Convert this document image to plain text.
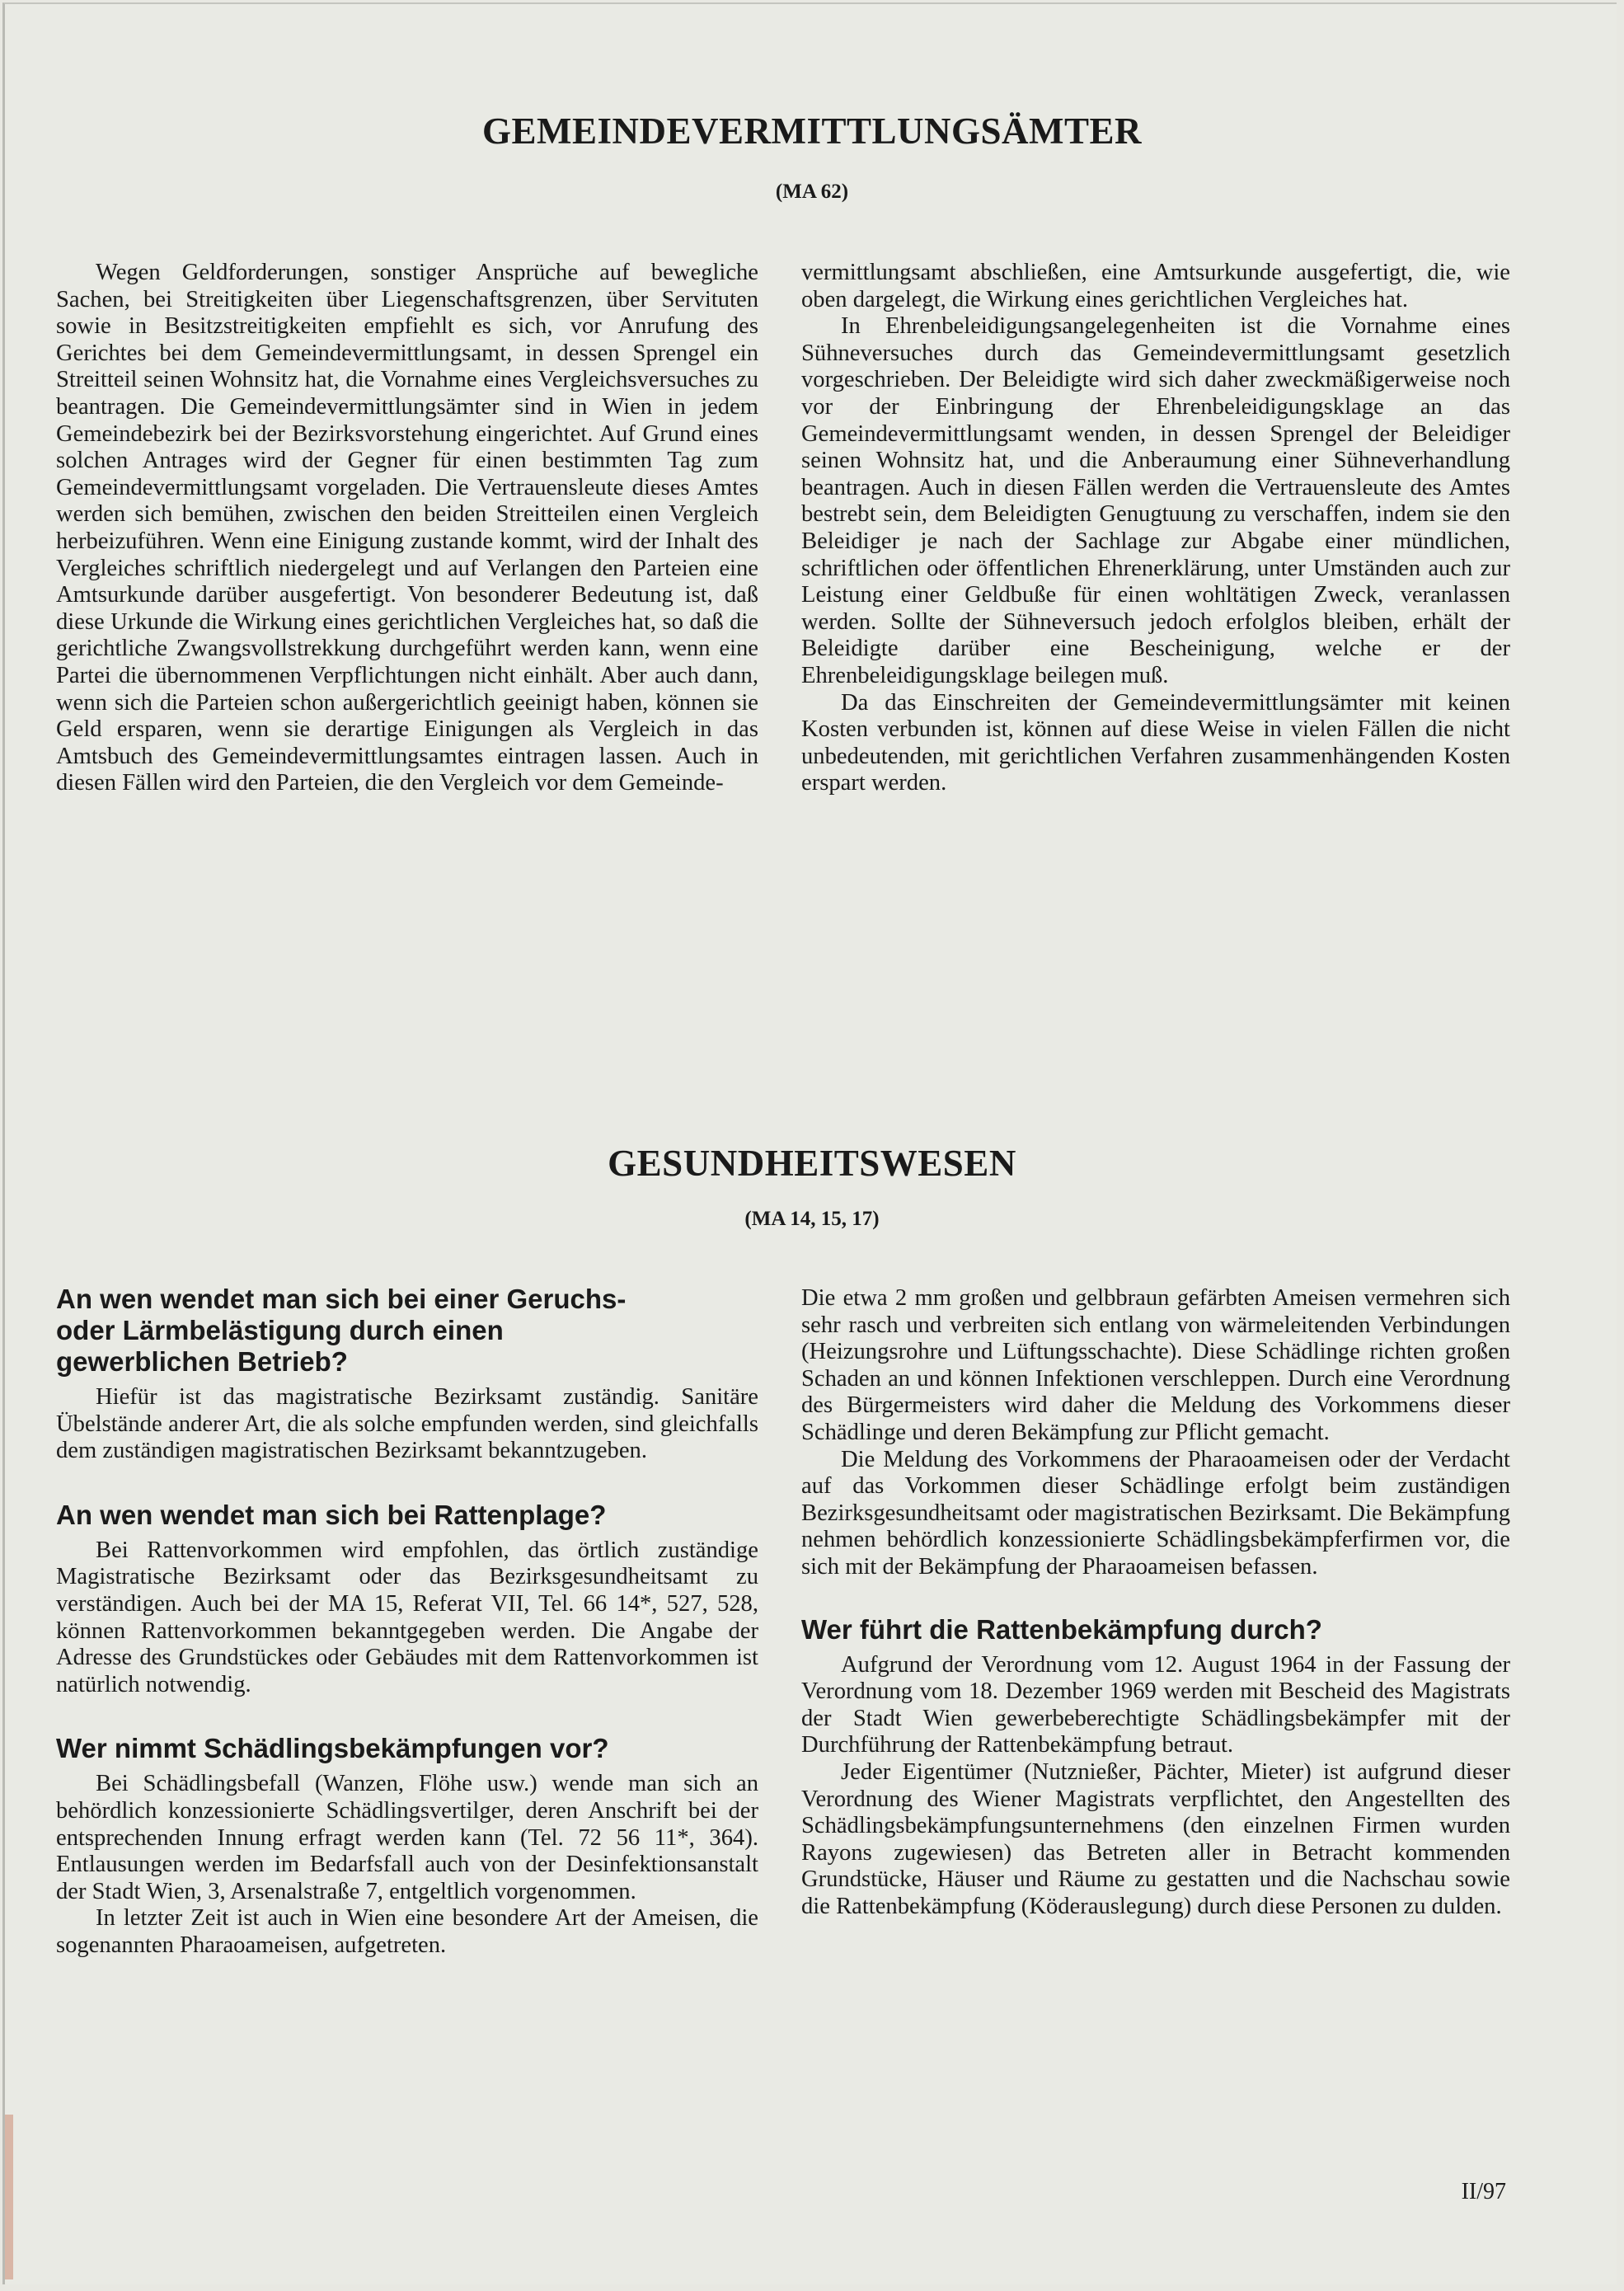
GEMEINDEVERMITTLUNGSÄMTER
(MA 62)

Wegen Geldforderungen, sonstiger Ansprüche auf bewegliche Sachen, bei Streitigkeiten über Liegenschaftsgrenzen, über Servituten sowie in Besitzstreitigkeiten empfiehlt es sich, vor Anrufung des Gerichtes bei dem Gemeindevermittlungsamt, in dessen Sprengel ein Streitteil seinen Wohnsitz hat, die Vornahme eines Vergleichsversuches zu beantragen. Die Gemeindevermittlungsämter sind in Wien in jedem Gemeindebezirk bei der Bezirksvorstehung eingerichtet. Auf Grund eines solchen Antrages wird der Gegner für einen bestimmten Tag zum Gemeindevermittlungsamt vorgeladen. Die Vertrauensleute dieses Amtes werden sich bemühen, zwischen den beiden Streitteilen einen Vergleich herbeizuführen. Wenn eine Einigung zustande kommt, wird der Inhalt des Vergleiches schriftlich niedergelegt und auf Verlangen den Parteien eine Amtsurkunde darüber ausgefertigt. Von besonderer Bedeutung ist, daß diese Urkunde die Wirkung eines gerichtlichen Vergleiches hat, so daß die gerichtliche Zwangsvollstrekkung durchgeführt werden kann, wenn eine Partei die übernommenen Verpflichtungen nicht einhält. Aber auch dann, wenn sich die Parteien schon außergerichtlich geeinigt haben, können sie Geld ersparen, wenn sie derartige Einigungen als Vergleich in das Amtsbuch des Gemeindevermittlungsamtes eintragen lassen. Auch in diesen Fällen wird den Parteien, die den Vergleich vor dem Gemeinde-

vermittlungsamt abschließen, eine Amtsurkunde ausgefertigt, die, wie oben dargelegt, die Wirkung eines gerichtlichen Vergleiches hat.

In Ehrenbeleidigungsangelegenheiten ist die Vornahme eines Sühneversuches durch das Gemeindevermittlungsamt gesetzlich vorgeschrieben. Der Beleidigte wird sich daher zweckmäßigerweise noch vor der Einbringung der Ehrenbeleidigungsklage an das Gemeindevermittlungsamt wenden, in dessen Sprengel der Beleidiger seinen Wohnsitz hat, und die Anberaumung einer Sühneverhandlung beantragen. Auch in diesen Fällen werden die Vertrauensleute des Amtes bestrebt sein, dem Beleidigten Genugtuung zu verschaffen, indem sie den Beleidiger je nach der Sachlage zur Abgabe einer mündlichen, schriftlichen oder öffentlichen Ehrenerklärung, unter Umständen auch zur Leistung einer Geldbuße für einen wohltätigen Zweck, veranlassen werden. Sollte der Sühneversuch jedoch erfolglos bleiben, erhält der Beleidigte darüber eine Bescheinigung, welche er der Ehrenbeleidigungsklage beilegen muß.

Da das Einschreiten der Gemeindevermittlungsämter mit keinen Kosten verbunden ist, können auf diese Weise in vielen Fällen die nicht unbedeutenden, mit gerichtlichen Verfahren zusammenhängenden Kosten erspart werden.

GESUNDHEITSWESEN
(MA 14, 15, 17)
An wen wendet man sich bei einer Geruchs- oder Lärmbelästigung durch einen gewerblichen Betrieb?

Hiefür ist das magistratische Bezirksamt zuständig. Sanitäre Übelstände anderer Art, die als solche empfunden werden, sind gleichfalls dem zuständigen magistratischen Bezirksamt bekanntzugeben.

An wen wendet man sich bei Rattenplage?

Bei Rattenvorkommen wird empfohlen, das örtlich zuständige Magistratische Bezirksamt oder das Bezirksgesundheitsamt zu verständigen. Auch bei der MA 15, Referat VII, Tel. 66 14*, 527, 528, können Rattenvorkommen bekanntgegeben werden. Die Angabe der Adresse des Grundstückes oder Gebäudes mit dem Rattenvorkommen ist natürlich notwendig.

Wer nimmt Schädlingsbekämpfungen vor?

Bei Schädlingsbefall (Wanzen, Flöhe usw.) wende man sich an behördlich konzessionierte Schädlingsvertilger, deren Anschrift bei der entsprechenden Innung erfragt werden kann (Tel. 72 56 11*, 364). Entlausungen werden im Bedarfsfall auch von der Desinfektionsanstalt der Stadt Wien, 3, Arsenalstraße 7, entgeltlich vorgenommen.

In letzter Zeit ist auch in Wien eine besondere Art der Ameisen, die sogenannten Pharaoameisen, aufgetreten.

Die etwa 2 mm großen und gelbbraun gefärbten Ameisen vermehren sich sehr rasch und verbreiten sich entlang von wärmeleitenden Verbindungen (Heizungsrohre und Lüftungsschachte). Diese Schädlinge richten großen Schaden an und können Infektionen verschleppen. Durch eine Verordnung des Bürgermeisters wird daher die Meldung des Vorkommens dieser Schädlinge und deren Bekämpfung zur Pflicht gemacht.

Die Meldung des Vorkommens der Pharaoameisen oder der Verdacht auf das Vorkommen dieser Schädlinge erfolgt beim zuständigen Bezirksgesundheitsamt oder magistratischen Bezirksamt. Die Bekämpfung nehmen behördlich konzessionierte Schädlingsbekämpferfirmen vor, die sich mit der Bekämpfung der Pharaoameisen befassen.

Wer führt die Rattenbekämpfung durch?

Aufgrund der Verordnung vom 12. August 1964 in der Fassung der Verordnung vom 18. Dezember 1969 werden mit Bescheid des Magistrats der Stadt Wien gewerbeberechtigte Schädlingsbekämpfer mit der Durchführung der Rattenbekämpfung betraut.

Jeder Eigentümer (Nutznießer, Pächter, Mieter) ist aufgrund dieser Verordnung des Wiener Magistrats verpflichtet, den Angestellten des Schädlingsbekämpfungsunternehmens (den einzelnen Firmen wurden Rayons zugewiesen) das Betreten aller in Betracht kommenden Grundstücke, Häuser und Räume zu gestatten und die Nachschau sowie die Rattenbekämpfung (Köderauslegung) durch diese Personen zu dulden.

II/97
